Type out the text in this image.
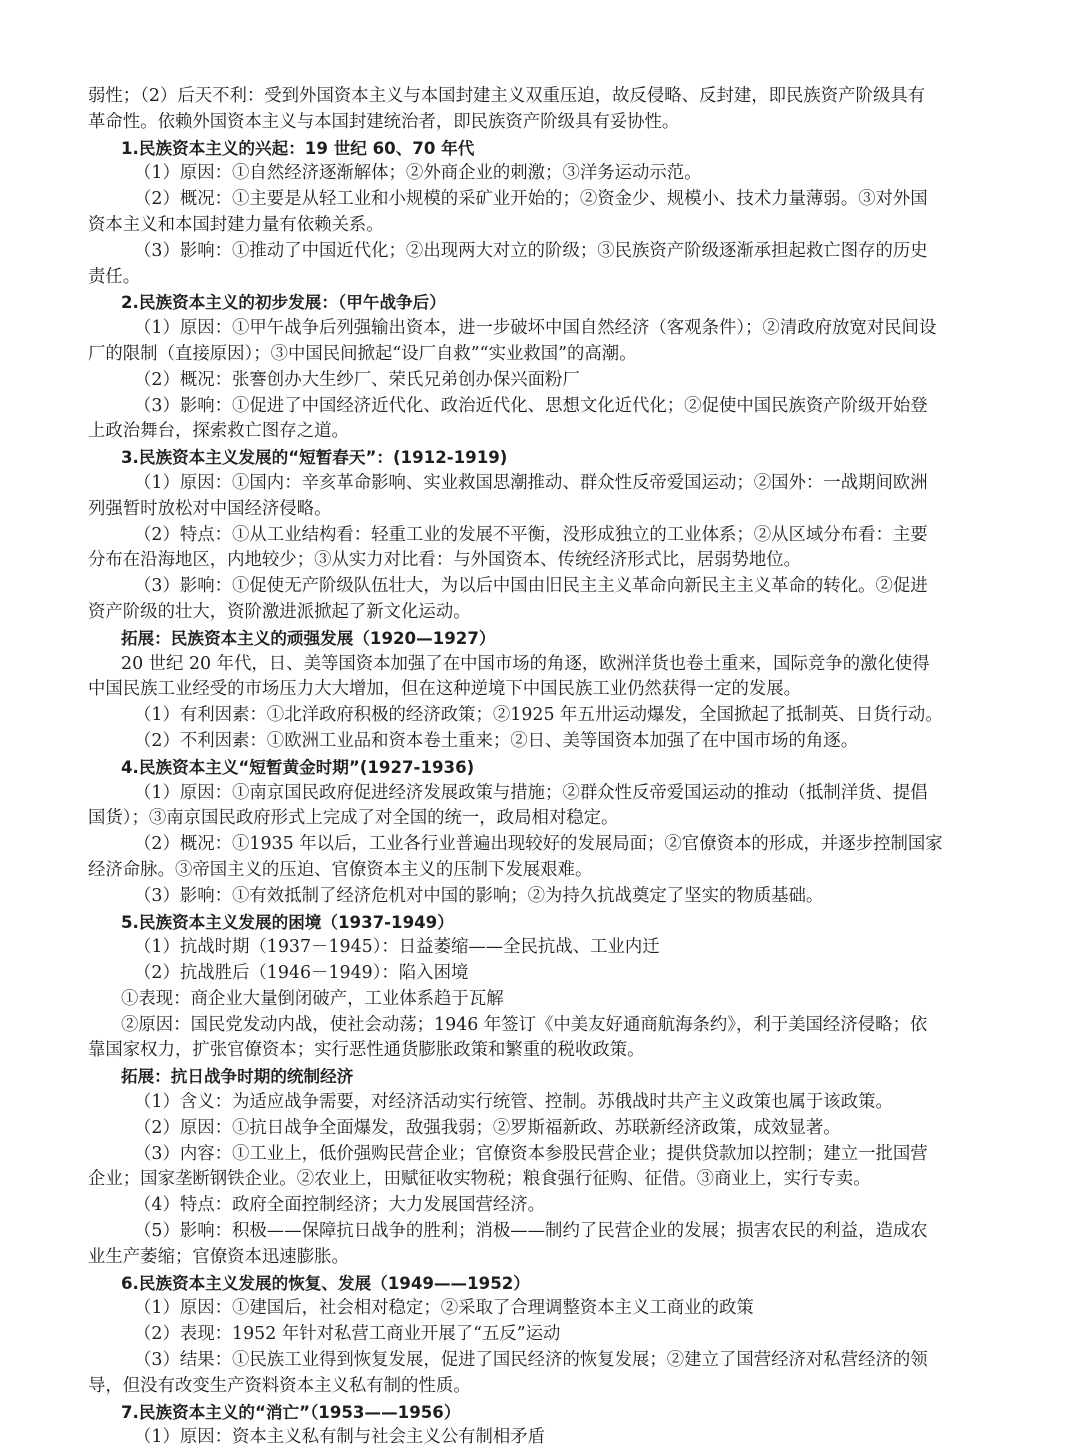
弱性；（2）后天不利：受到外国资本主义与本国封建主义双重压迫，故反侵略、反封建，即民族资产阶级具有
革命性。依赖外国资本主义与本国封建统治者，即民族资产阶级具有妥协性。
1.民族资本主义的兴起：19 世纪 60、70 年代
（1）原因：①自然经济逐渐解体；②外商企业的刺激；③洋务运动示范。
（2）概况：①主要是从轻工业和小规模的采矿业开始的；②资金少、规模小、技术力量薄弱。③对外国
资本主义和本国封建力量有依赖关系。
（3）影响：①推动了中国近代化；②出现两大对立的阶级；③民族资产阶级逐渐承担起救亡图存的历史
责任。
2.民族资本主义的初步发展：（甲午战争后）
（1）原因：①甲午战争后列强输出资本，进一步破坏中国自然经济（客观条件）；②清政府放宽对民间设
厂的限制（直接原因）；③中国民间掀起“设厂自救”“实业救国”的高潮。
（2）概况：张謇创办大生纱厂、荣氏兄弟创办保兴面粉厂
（3）影响：①促进了中国经济近代化、政治近代化、思想文化近代化；②促使中国民族资产阶级开始登
上政治舞台，探索救亡图存之道。
3.民族资本主义发展的“短暂春天”：(1912-1919)
（1）原因：①国内：辛亥革命影响、实业救国思潮推动、群众性反帝爱国运动；②国外：一战期间欧洲
列强暂时放松对中国经济侵略。
（2）特点：①从工业结构看：轻重工业的发展不平衡，没形成独立的工业体系；②从区域分布看：主要
分布在沿海地区，内地较少；③从实力对比看：与外国资本、传统经济形式比，居弱势地位。
（3）影响：①促使无产阶级队伍壮大，为以后中国由旧民主主义革命向新民主主义革命的转化。②促进
资产阶级的壮大，资阶激进派掀起了新文化运动。
拓展：民族资本主义的顽强发展（1920—1927）
20 世纪 20 年代，日、美等国资本加强了在中国市场的角逐，欧洲洋货也卷土重来，国际竞争的激化使得
中国民族工业经受的市场压力大大增加，但在这种逆境下中国民族工业仍然获得一定的发展。
（1）有利因素：①北洋政府积极的经济政策；②1925 年五卅运动爆发，全国掀起了抵制英、日货行动。
（2）不利因素：①欧洲工业品和资本卷土重来；②日、美等国资本加强了在中国市场的角逐。
4.民族资本主义“短暂黄金时期”(1927-1936)
（1）原因：①南京国民政府促进经济发展政策与措施；②群众性反帝爱国运动的推动（抵制洋货、提倡
国货）；③南京国民政府形式上完成了对全国的统一，政局相对稳定。
（2）概况：①1935 年以后，工业各行业普遍出现较好的发展局面；②官僚资本的形成，并逐步控制国家
经济命脉。③帝国主义的压迫、官僚资本主义的压制下发展艰难。
（3）影响：①有效抵制了经济危机对中国的影响；②为持久抗战奠定了坚实的物质基础。
5.民族资本主义发展的困境（1937-1949）
（1）抗战时期（1937－1945）：日益萎缩——全民抗战、工业内迁
（2）抗战胜后（1946－1949）：陷入困境
①表现：商企业大量倒闭破产，工业体系趋于瓦解
②原因：国民党发动内战，使社会动荡；1946 年签订《中美友好通商航海条约》，利于美国经济侵略；依
靠国家权力，扩张官僚资本；实行恶性通货膨胀政策和繁重的税收政策。
拓展：抗日战争时期的统制经济
（1）含义：为适应战争需要，对经济活动实行统管、控制。苏俄战时共产主义政策也属于该政策。
（2）原因：①抗日战争全面爆发，敌强我弱；②罗斯福新政、苏联新经济政策，成效显著。
（3）内容：①工业上，低价强购民营企业；官僚资本参股民营企业；提供贷款加以控制；建立一批国营
企业；国家垄断钢铁企业。②农业上，田赋征收实物税；粮食强行征购、征借。③商业上，实行专卖。
（4）特点：政府全面控制经济；大力发展国营经济。
（5）影响：积极——保障抗日战争的胜利；消极——制约了民营企业的发展；损害农民的利益，造成农
业生产萎缩；官僚资本迅速膨胀。
6.民族资本主义发展的恢复、发展（1949——1952）
（1）原因：①建国后，社会相对稳定；②采取了合理调整资本主义工商业的政策
（2）表现：1952 年针对私营工商业开展了“五反”运动
（3）结果：①民族工业得到恢复发展，促进了国民经济的恢复发展；②建立了国营经济对私营经济的领
导，但没有改变生产资料资本主义私有制的性质。
7.民族资本主义的“消亡”（1953——1956）
（1）原因：资本主义私有制与社会主义公有制相矛盾
